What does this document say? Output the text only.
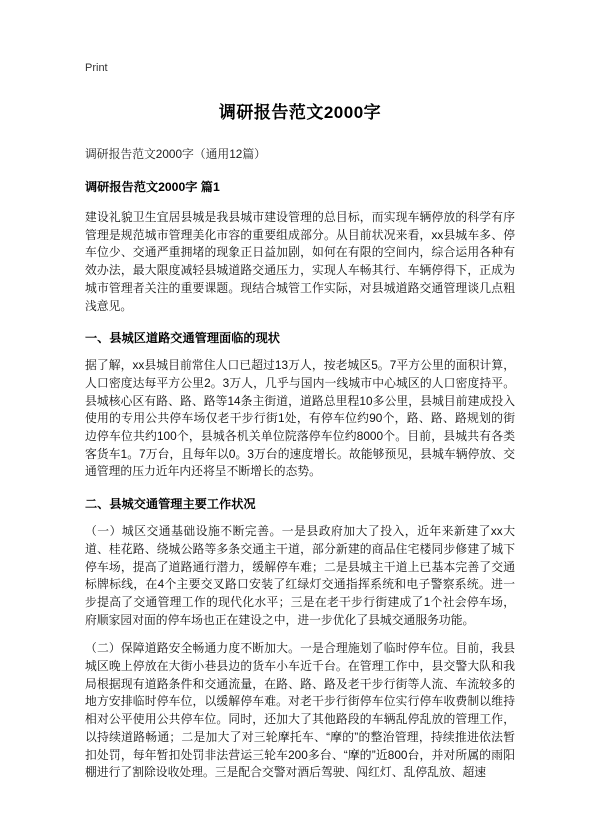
Print
调研报告范文2000字

调研报告范文2000字（通用12篇）

调研报告范文2000字 篇1

建设礼貌卫生宜居县城是我县城市建设管理的总目标，而实现车辆停放的科学有序管理是规范城市管理美化市容的重要组成部分。从目前状况来看，xx县城车多、停车位少、交通严重拥堵的现象正日益加剧，如何在有限的空间内，综合运用各种有效办法，最大限度减轻县城道路交通压力，实现人车畅其行、车辆停得下，正成为城市管理者关注的重要课题。现结合城管工作实际，对县城道路交通管理谈几点粗浅意见。

一、县城区道路交通管理面临的现状

据了解，xx县城目前常住人口已超过13万人，按老城区5。7平方公里的面积计算，人口密度达每平方公里2。3万人，几乎与国内一线城市中心城区的人口密度持平。县城核心区有路、路、路等14条主街道，道路总里程10多公里，县城目前建成投入使用的专用公共停车场仅老干步行街1处，有停车位约90个，路、路、路规划的街边停车位共约100个，县城各机关单位院落停车位约8000个。目前，县城共有各类客货车1。7万台，且每年以0。3万台的速度增长。故能够预见，县城车辆停放、交通管理的压力近年内还将呈不断增长的态势。

二、县城交通管理主要工作状况

（一）城区交通基础设施不断完善。一是县政府加大了投入，近年来新建了xx大道、桂花路、绕城公路等多条交通主干道，部分新建的商品住宅楼同步修建了城下停车场，提高了道路通行潜力，缓解停车难；二是县城主干道上已基本完善了交通标牌标线，在4个主要交叉路口安装了红绿灯交通指挥系统和电子警察系统。进一步提高了交通管理工作的现代化水平；三是在老干步行街建成了1个社会停车场，府顺家园对面的停车场也正在建设之中，进一步优化了县城交通服务功能。

（二）保障道路安全畅通力度不断加大。一是合理施划了临时停车位。目前，我县城区晚上停放在大街小巷县边的货车小车近千台。在管理工作中，县交警大队和我局根据现有道路条件和交通流量，在路、路、路及老干步行街等人流、车流较多的地方安排临时停车位，以缓解停车难。对老干步行街停车位实行停车收费制以维持相对公平使用公共停车位。同时，还加大了其他路段的车辆乱停乱放的管理工作，以持续道路畅通；二是加大了对三轮摩托车、“摩的”的整治管理，持续推进依法暂扣处罚，每年暂扣处罚非法营运三轮车200多台、“摩的”近800台，并对所属的雨阳棚进行了割除设收处理。三是配合交警对酒后驾驶、闯红灯、乱停乱放、超速
